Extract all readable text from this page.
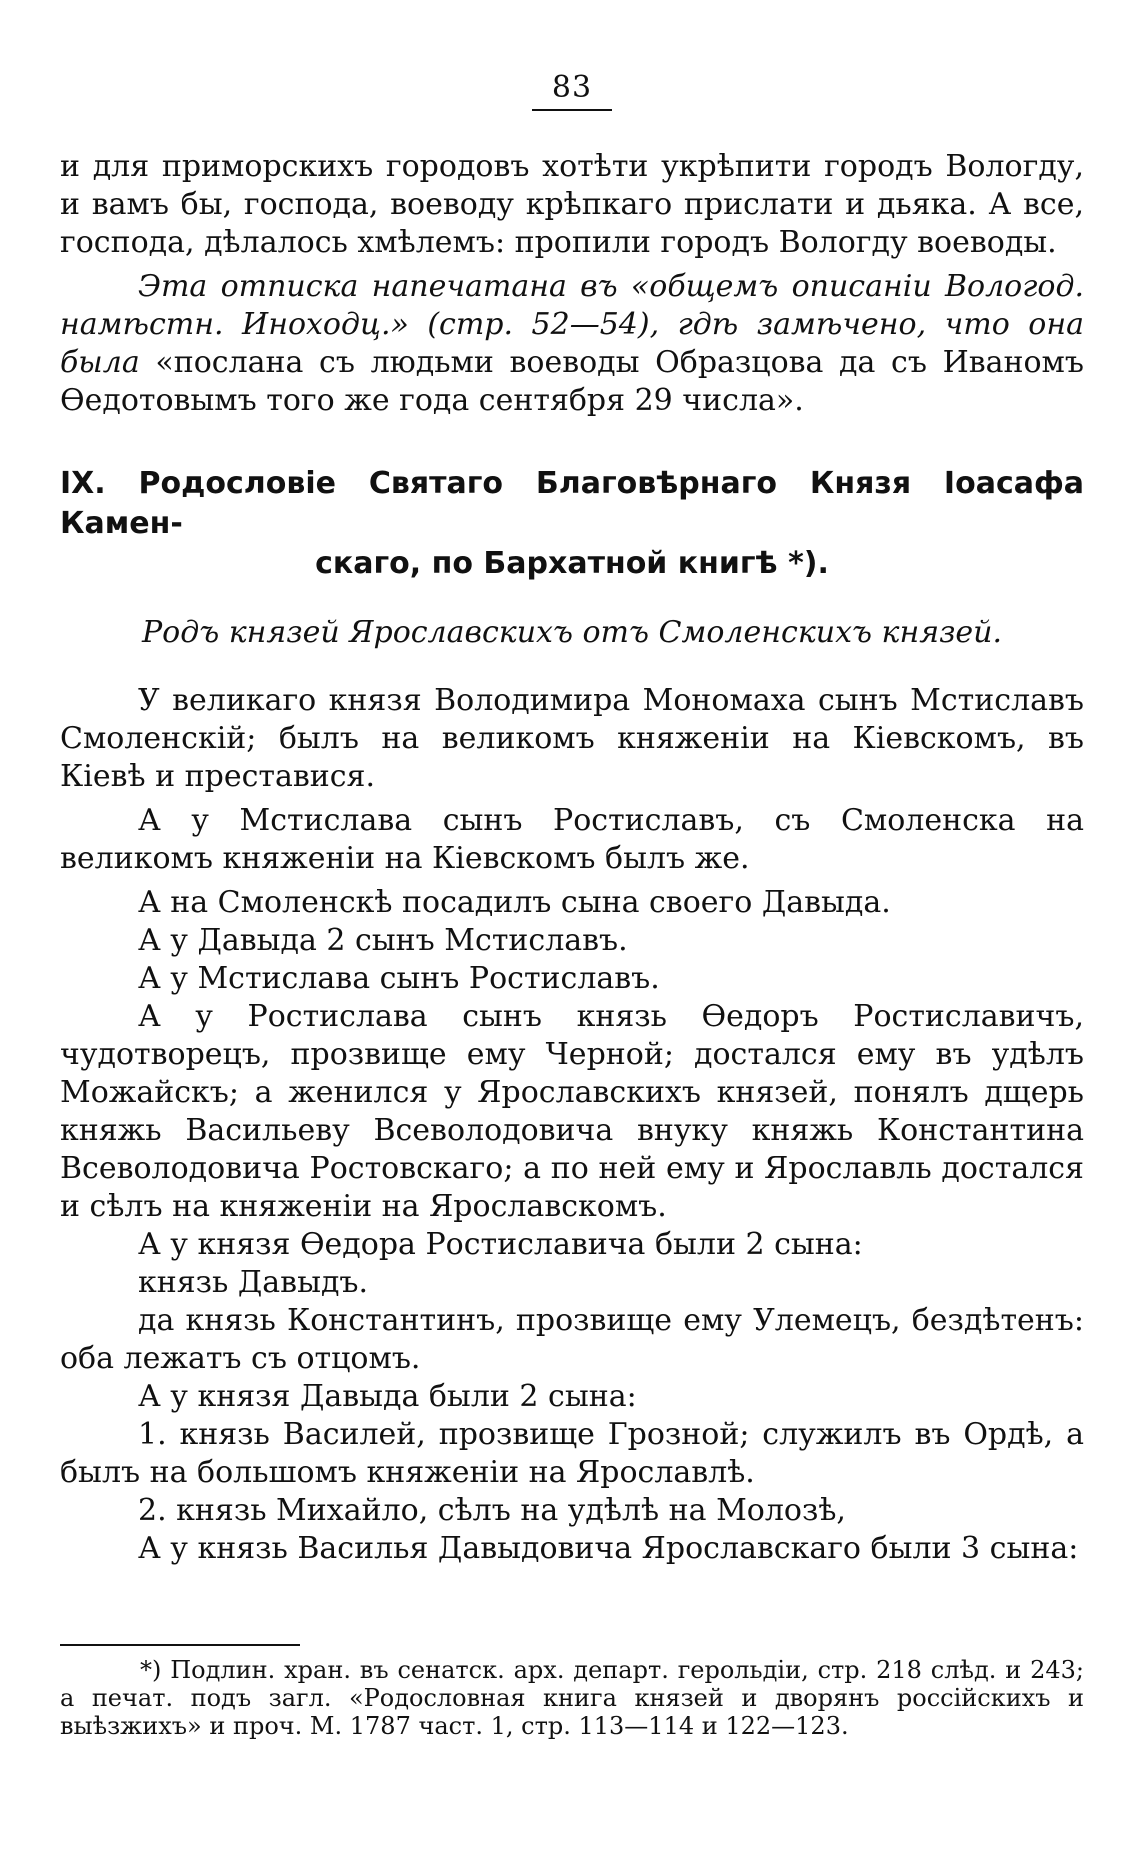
83

и для приморскихъ городовъ хотѣти укрѣпити городъ Вологду, и вамъ бы, господа, воеводу крѣпкаго прислати и дьяка. А все, господа, дѣлалось хмѣлемъ: пропили городъ Вологду воеводы.

Эта отписка напечатана въ «общемъ описаніи Вологод. намѣстн. Иноходц.» (стр. 52—54), гдѣ замѣчено, что она была «послана съ людьми воеводы Образцова да съ Иваномъ Ѳедотовымъ того же года сентября 29 числа».

IX. Родословіе Святаго Благовѣрнаго Князя Іоасафа Камен-
скаго, по Бархатной книгѣ *).

Родъ князей Ярославскихъ отъ Смоленскихъ князей.

У великаго князя Володимира Мономаха сынъ Мстиславъ Смоленскій; былъ на великомъ княженіи на Кіевскомъ, въ Кіевѣ и преставися.

А у Мстислава сынъ Ростиславъ, съ Смоленска на великомъ княженіи на Кіевскомъ былъ же.

А на Смоленскѣ посадилъ сына своего Давыда.

А у Давыда 2 сынъ Мстиславъ.

А у Мстислава сынъ Ростиславъ.

А у Ростислава сынъ князь Ѳедоръ Ростиславичъ, чудотворецъ, прозвище ему Черной; достался ему въ удѣлъ Можайскъ; а женился у Ярославскихъ князей, понялъ дщерь княжь Васильеву Всеволодовича внуку княжь Константина Всеволодовича Ростовскаго; а по ней ему и Ярославль достался и сѣлъ на княженіи на Ярославскомъ.

А у князя Ѳедора Ростиславича были 2 сына:

князь Давыдъ.

да князь Константинъ, прозвище ему Улемецъ, бездѣтенъ: оба лежатъ съ отцомъ.

А у князя Давыда были 2 сына:

1. князь Василей, прозвище Грозной; служилъ въ Ордѣ, а былъ на большомъ княженіи на Ярославлѣ.

2. князь Михайло, сѣлъ на удѣлѣ на Молозѣ,

А у князь Василья Давыдовича Ярославскаго были 3 сына:

*) Подлин. хран. въ сенатск. арх. департ. герольдіи, стр. 218 слѣд. и 243; а печат. подъ загл. «Родословная книга князей и дворянъ россійскихъ и выѣзжихъ» и проч. М. 1787 част. 1, стр. 113—114 и 122—123.
